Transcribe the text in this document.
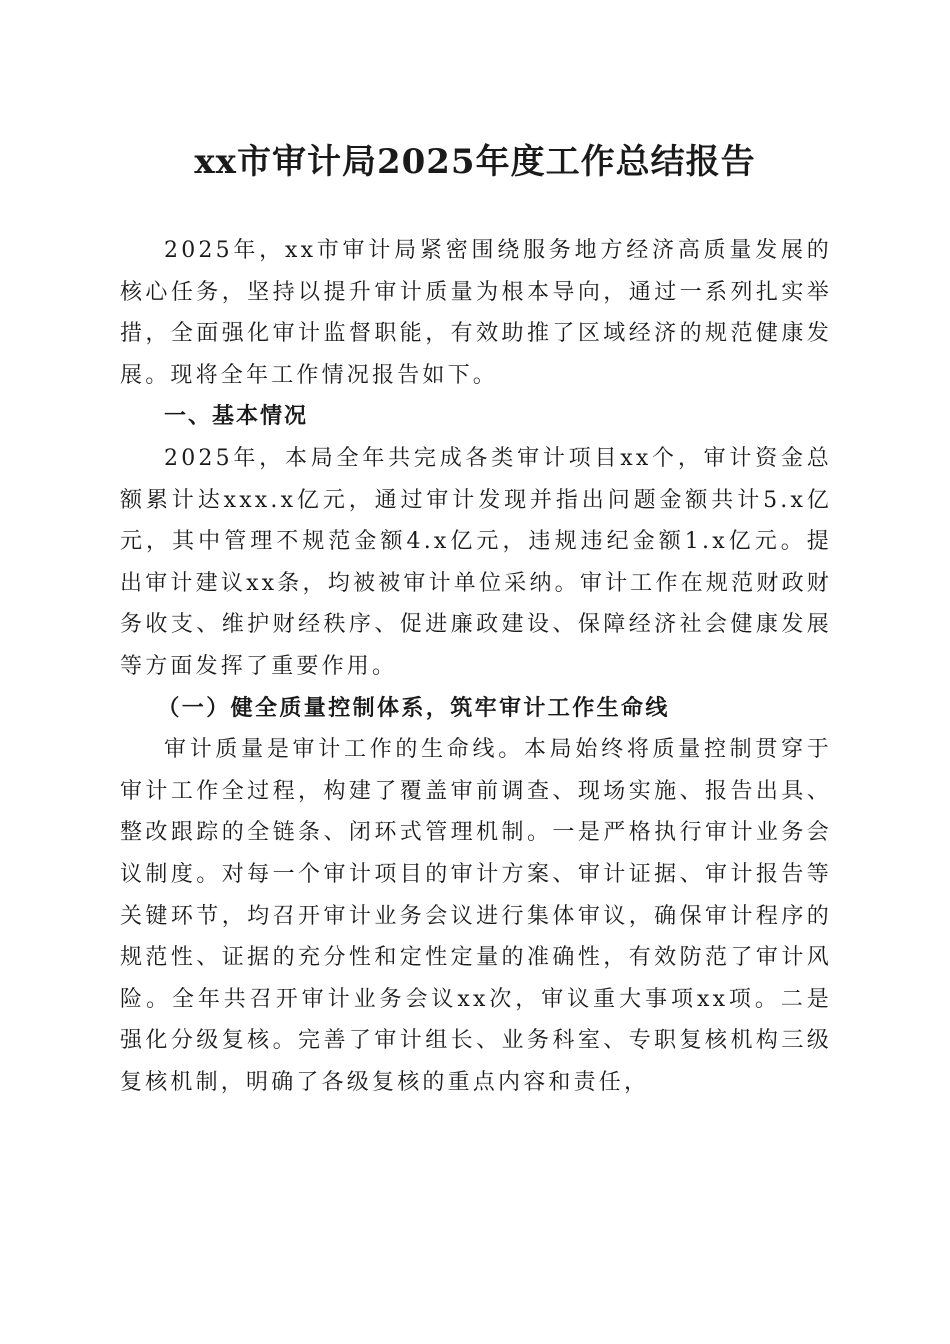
xx市审计局2025年度工作总结报告

2025年，xx市审计局紧密围绕服务地方经济高质量发展的核心任务，坚持以提升审计质量为根本导向，通过一系列扎实举措，全面强化审计监督职能，有效助推了区域经济的规范健康发展。现将全年工作情况报告如下。

一、基本情况

2025年，本局全年共完成各类审计项目xx个，审计资金总额累计达xxx.x亿元，通过审计发现并指出问题金额共计5.x亿元，其中管理不规范金额4.x亿元，违规违纪金额1.x亿元。提出审计建议xx条，均被被审计单位采纳。审计工作在规范财政财务收支、维护财经秩序、促进廉政建设、保障经济社会健康发展等方面发挥了重要作用。

（一）健全质量控制体系，筑牢审计工作生命线

审计质量是审计工作的生命线。本局始终将质量控制贯穿于审计工作全过程，构建了覆盖审前调查、现场实施、报告出具、整改跟踪的全链条、闭环式管理机制。一是严格执行审计业务会议制度。对每一个审计项目的审计方案、审计证据、审计报告等关键环节，均召开审计业务会议进行集体审议，确保审计程序的规范性、证据的充分性和定性定量的准确性，有效防范了审计风险。全年共召开审计业务会议xx次，审议重大事项xx项。二是强化分级复核。完善了审计组长、业务科室、专职复核机构三级复核机制，明确了各级复核的重点内容和责任，
